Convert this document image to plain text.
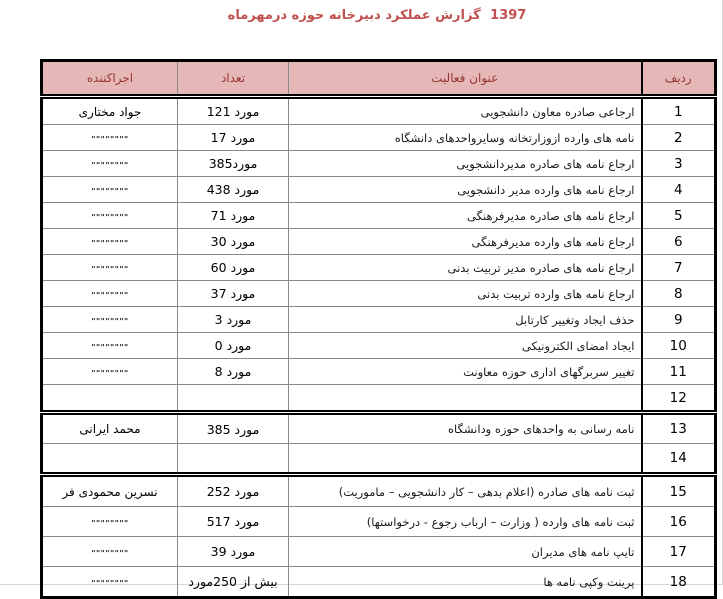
گزارش عملکرد دبیرخانه حوزه درمهرماه 1397
اجراکننده	تعداد	عنوان فعالیت	ردیف
جواد مختاری	121 مورد	ارجاعی صادره معاون دانشجویی	1
""""""""	17 مورد	نامه های وارده ازوزارتخانه وسایرواحدهای دانشگاه	2
""""""""	385مورد	ارجاع نامه های صادره مدیردانشجویی	3
""""""""	438 مورد	ارجاع نامه های وارده مدیر دانشجویی	4
""""""""	71 مورد	ارجاع نامه های صادره مدیرفرهنگی	5
""""""""	30 مورد	ارجاع نامه های وارده مدیرفرهنگی	6
""""""""	60 مورد	ارجاع نامه های صادره مدیر تربیت بدنی	7
""""""""	37 مورد	ارجاع نامه های وارده تربیت بدنی	8
""""""""	3 مورد	حذف ایجاد وتغییر کارتابل	9
""""""""	0 مورد	ایجاد امضای الکترونیکی	10
""""""""	8 مورد	تغییر سربرگهای اداری حوزه معاونت	11
			12
محمد ایرانی	385 مورد	نامه رسانی به واحدهای حوزه ودانشگاه	13
			14
نسرین محمودی فر	252 مورد	ثبت نامه های صادره (اعلام بدهی – کار دانشجویی – ماموریت)	15
""""""""	517 مورد	ثبت نامه های وارده ( وزارت – ارباب رجوع - درخواستها)	16
""""""""	39 مورد	تایپ نامه های مدیران	17
""""""""	بیش از 250مورد	پرینت وکپی نامه ها	18
